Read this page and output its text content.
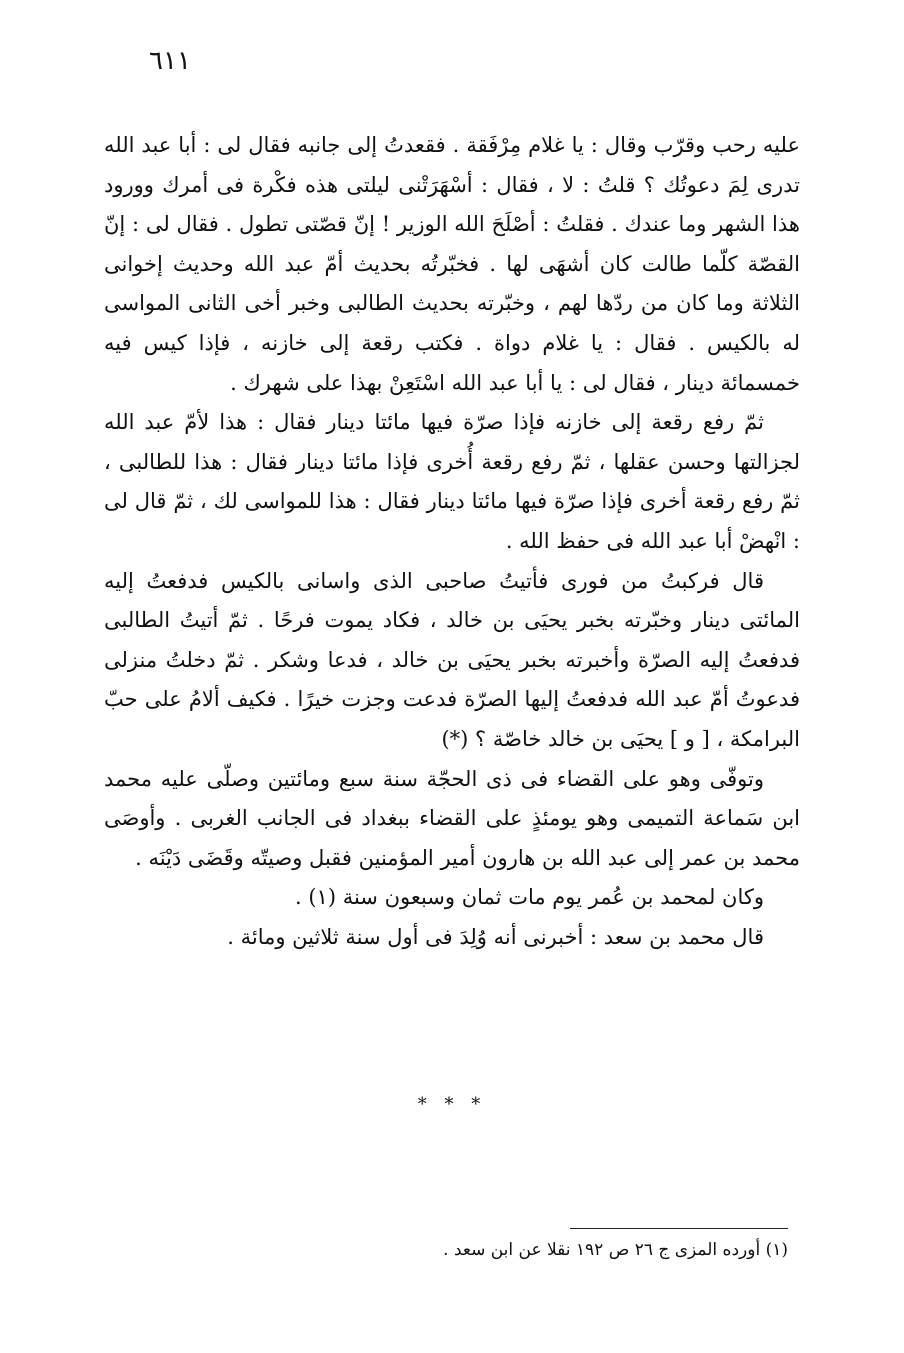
٦١١

عليه رحب وقرّب وقال : يا غلام مِرْفَقة . فقعدتُ إلى جانبه فقال لى : أبا عبد الله تدرى لِمَ دعوتُك ؟ قلتُ : لا ، فقال : أسْهَرَتْنى ليلتى هذه فكْرة فى أمرك وورود هذا الشهر وما عندك . فقلتُ : أصْلَحَ الله الوزير ! إنّ قصّتى تطول . فقال لى : إنّ القصّة كلّما طالت كان أشهَى لها . فخبّرتُه بحديث أمّ عبد الله وحديث إخوانى الثلاثة وما كان من ردّها لهم ، وخبّرته بحديث الطالبى وخبر أخى الثانى المواسى له بالكيس . فقال : يا غلام دواة . فكتب رقعة إلى خازنه ، فإذا كيس فيه خمسمائة دينار ، فقال لى : يا أبا عبد الله اسْتَعِنْ بهذا على شهرك .

ثمّ رفع رقعة إلى خازنه فإذا صرّة فيها مائتا دينار فقال : هذا لأمّ عبد الله لجزالتها وحسن عقلها ، ثمّ رفع رقعة أُخرى فإذا مائتا دينار فقال : هذا للطالبى ، ثمّ رفع رقعة أخرى فإذا صرّة فيها مائتا دينار فقال : هذا للمواسى لك ، ثمّ قال لى : انْهضْ أبا عبد الله فى حفظ الله .

قال فركبتُ من فورى فأتيتُ صاحبى الذى واسانى بالكيس فدفعتُ إليه المائتى دينار وخبّرته بخبر يحيَى بن خالد ، فكاد يموت فرحًا . ثمّ أتيتُ الطالبى فدفعتُ إليه الصرّة وأخبرته بخبر يحيَى بن خالد ، فدعا وشكر . ثمّ دخلتُ منزلى فدعوتُ أمّ عبد الله فدفعتُ إليها الصرّة فدعت وجزت خيرًا . فكيف ألامُ على حبّ البرامكة ، [ و ] يحيَى بن خالد خاصّة ؟ (*)

وتوفّى وهو على القضاء فى ذى الحجّة سنة سبع ومائتين وصلّى عليه محمد ابن سَماعة التميمى وهو يومئذٍ على القضاء ببغداد فى الجانب الغربى . وأوصَى محمد بن عمر إلى عبد الله بن هارون أمير المؤمنين فقبل وصيتّه وقَضَى دَيْنَه .

وكان لمحمد بن عُمر يوم مات ثمان وسبعون سنة (١) .

قال محمد بن سعد : أخبرنى أنه وُلِدَ فى أول سنة ثلاثين ومائة .

* * *
(١) أورده المزى ج ٢٦ ص ١٩٢ نقلا عن ابن سعد .
